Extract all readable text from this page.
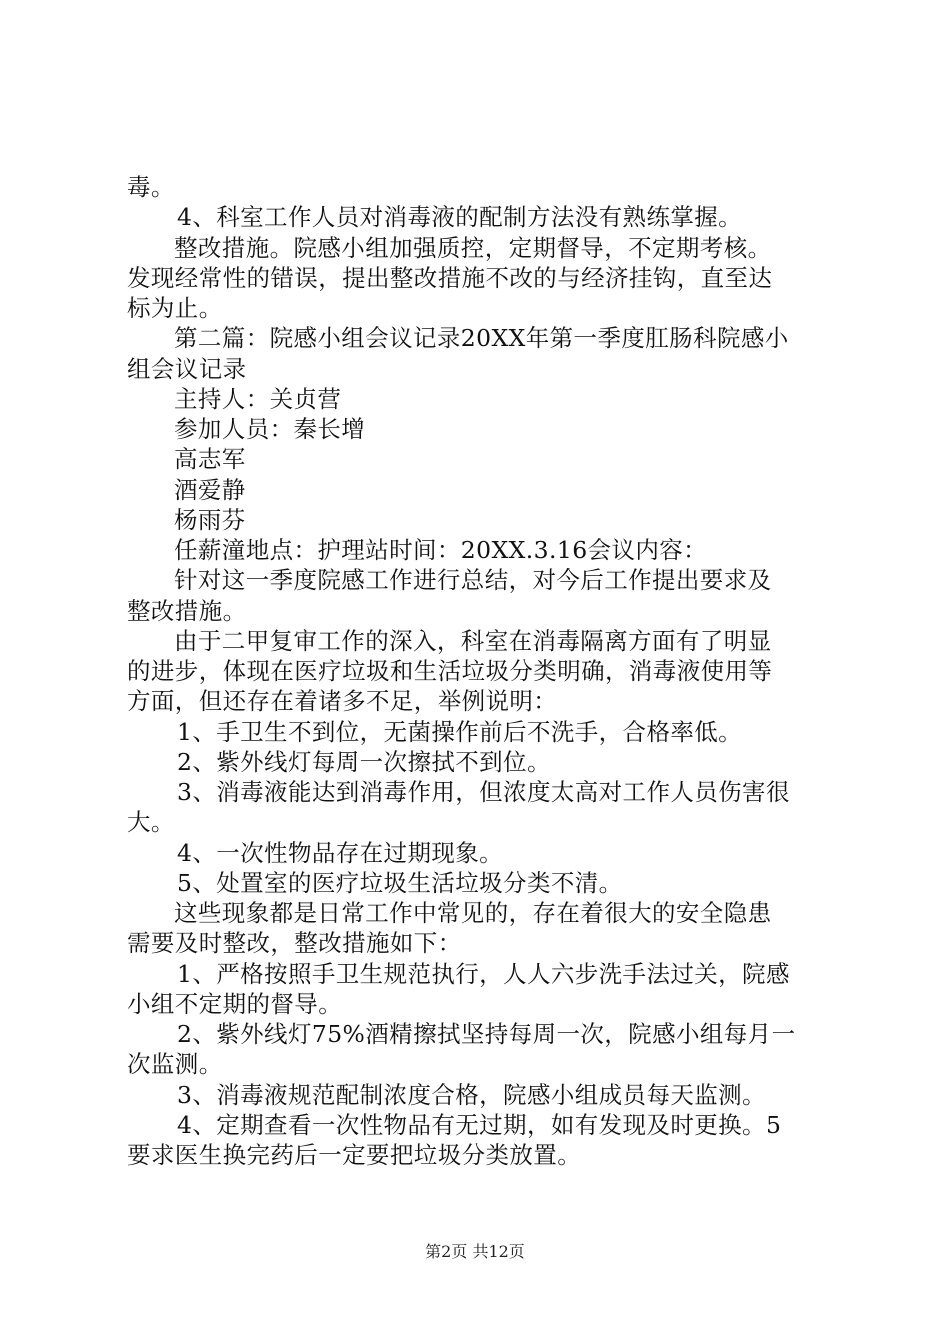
毒。
4、科室工作人员对消毒液的配制方法没有熟练掌握。
整改措施。院感小组加强质控，定期督导，不定期考核。
发现经常性的错误，提出整改措施不改的与经济挂钩，直至达
标为止。
第二篇：院感小组会议记录20XX年第一季度肛肠科院感小
组会议记录
主持人：关贞营
参加人员：秦长增
高志军
酒爱静
杨雨芬
任薪潼地点：护理站时间：20XX.3.16会议内容：
针对这一季度院感工作进行总结，对今后工作提出要求及
整改措施。
由于二甲复审工作的深入，科室在消毒隔离方面有了明显
的进步，体现在医疗垃圾和生活垃圾分类明确，消毒液使用等
方面，但还存在着诸多不足，举例说明：
1、手卫生不到位，无菌操作前后不洗手，合格率低。
2、紫外线灯每周一次擦拭不到位。
3、消毒液能达到消毒作用，但浓度太高对工作人员伤害很
大。
4、一次性物品存在过期现象。
5、处置室的医疗垃圾生活垃圾分类不清。
这些现象都是日常工作中常见的，存在着很大的安全隐患
需要及时整改，整改措施如下：
1、严格按照手卫生规范执行，人人六步洗手法过关，院感
小组不定期的督导。
2、紫外线灯75%酒精擦拭坚持每周一次，院感小组每月一
次监测。
3、消毒液规范配制浓度合格，院感小组成员每天监测。
4、定期查看一次性物品有无过期，如有发现及时更换。5
要求医生换完药后一定要把垃圾分类放置。
第2页 共12页
